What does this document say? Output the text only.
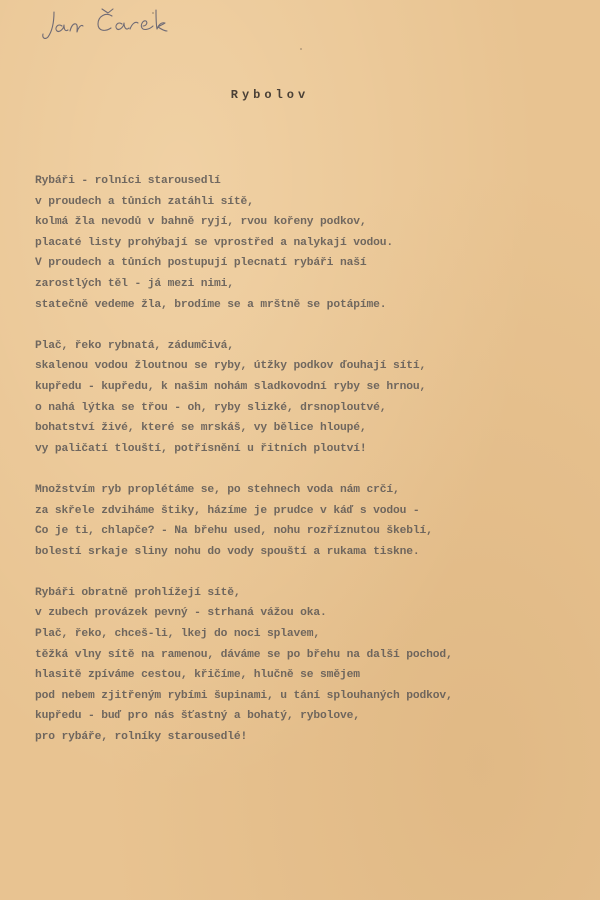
Rybolov
Rybáři - rolníci starousedlí
v proudech a tůních zatáhli sítě,
kolmá žla nevodů v bahně ryjí, rvou kořeny podkov,
placaté listy prohýbají se vprostřed a nalykají vodou.
V proudech a tůních postupují plecnatí rybáři naší
zarostlých těl - já mezi nimi,
statečně vedeme žla, brodíme se a mrštně se potápíme.
Plač, řeko rybnatá, zádumčivá,
skalenou vodou žloutnou se ryby, útžky podkov ďouhají sítí,
kupředu - kupředu, k našim nohám sladkovodní ryby se hrnou,
o nahá lýtka se třou - oh, ryby slizké, drsnoploutvé,
bohatství živé, které se mrskáš, vy bělice hloupé,
vy paličatí tlouští, potřísnění u řitních ploutví!
Množstvím ryb proplétáme se, po stehnech voda nám crčí,
za skřele zdviháme štiky, házíme je prudce v káď s vodou -
Co je ti, chlapče? - Na břehu used, nohu rozříznutou škeblí,
bolestí srkaje sliny nohu do vody spouští a rukama tiskne.
Rybáři obratně prohlížejí sítě,
v zubech provázek pevný - strhaná vážou oka.
Plač, řeko, chceš-li, lkej do noci splavem,
těžká vlny sítě na ramenou, dáváme se po břehu na další pochod,
hlasitě zpíváme cestou, křičíme, hlučně se smějem
pod nebem zjitřeným rybími šupinami, u tání splouhaných podkov,
kupředu - buď pro nás šťastný a bohatý, rybolove,
pro rybáře, rolníky starousedlé!
